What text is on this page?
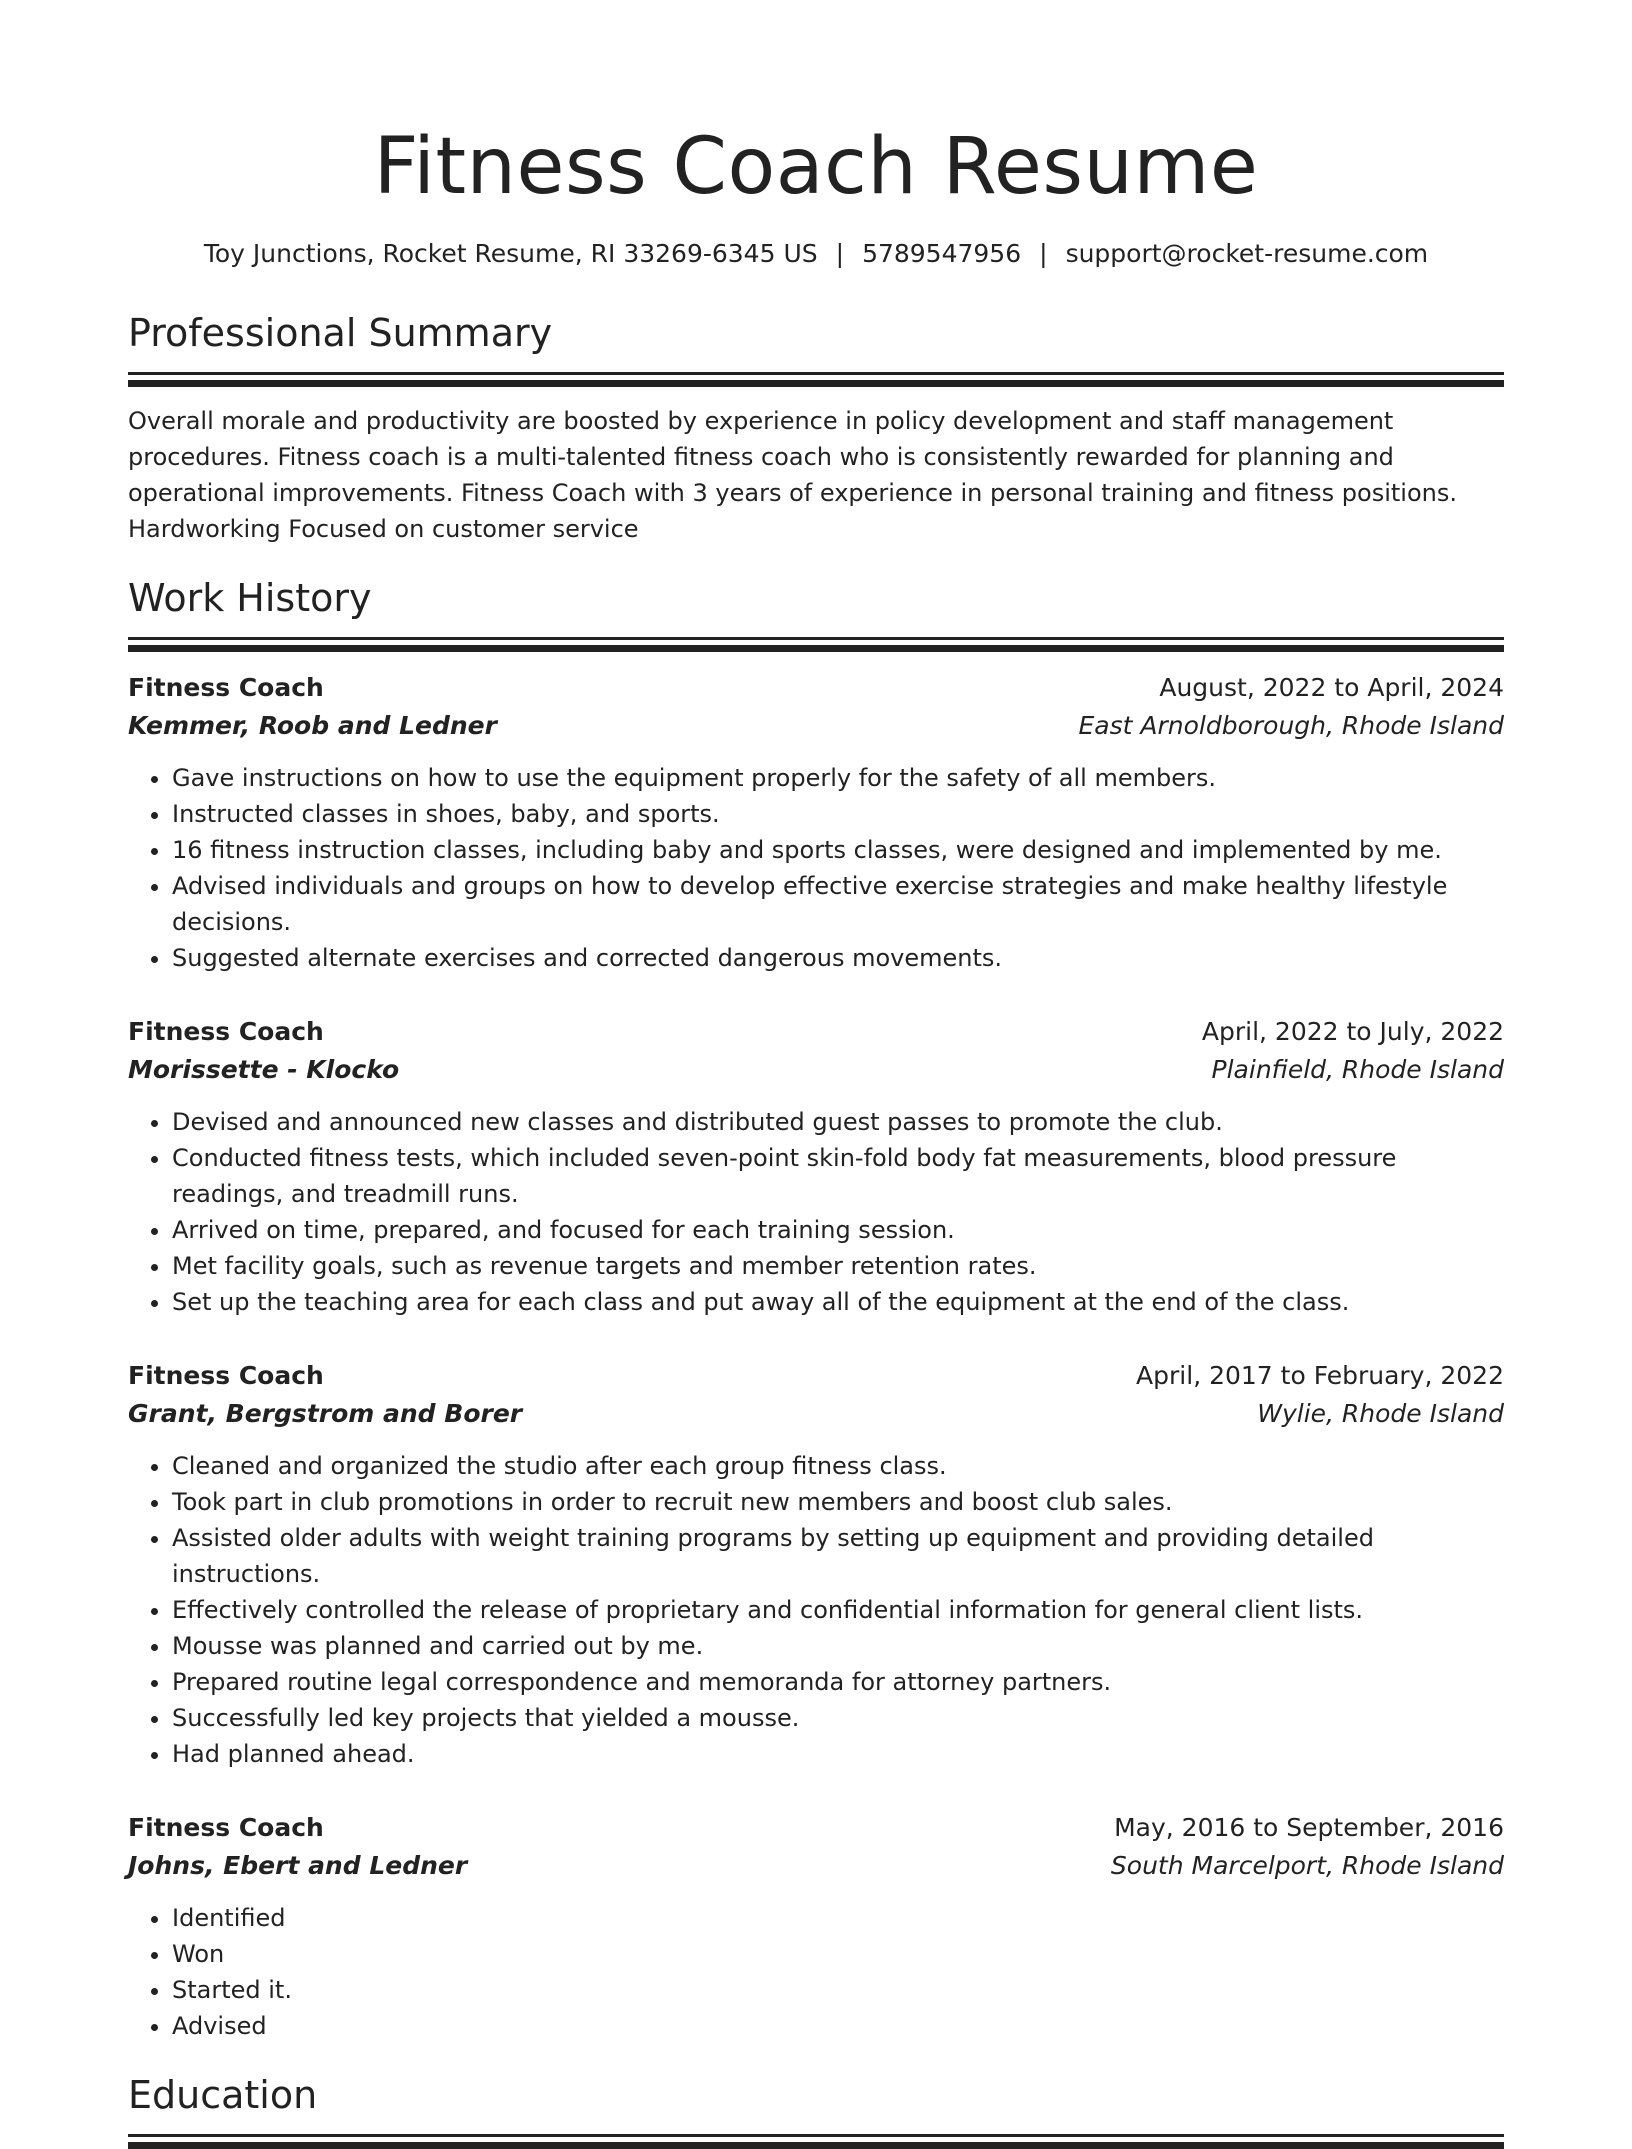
Fitness Coach Resume
Toy Junctions, Rocket Resume, RI 33269-6345 US | 5789547956 | support@rocket-resume.com
Professional Summary

Overall morale and productivity are boosted by experience in policy development and staff management procedures. Fitness coach is a multi-talented fitness coach who is consistently rewarded for planning and operational improvements. Fitness Coach with 3 years of experience in personal training and fitness positions. Hardworking Focused on customer service

Work History
Fitness Coach	August, 2022 to April, 2024
Kemmer, Roob and Ledner	East Arnoldborough, Rhode Island
• Gave instructions on how to use the equipment properly for the safety of all members.
• Instructed classes in shoes, baby, and sports.
• 16 fitness instruction classes, including baby and sports classes, were designed and implemented by me.
• Advised individuals and groups on how to develop effective exercise strategies and make healthy lifestyle decisions.
• Suggested alternate exercises and corrected dangerous movements.
Fitness Coach	April, 2022 to July, 2022
Morissette - Klocko	Plainfield, Rhode Island
• Devised and announced new classes and distributed guest passes to promote the club.
• Conducted fitness tests, which included seven-point skin-fold body fat measurements, blood pressure readings, and treadmill runs.
• Arrived on time, prepared, and focused for each training session.
• Met facility goals, such as revenue targets and member retention rates.
• Set up the teaching area for each class and put away all of the equipment at the end of the class.
Fitness Coach	April, 2017 to February, 2022
Grant, Bergstrom and Borer	Wylie, Rhode Island
• Cleaned and organized the studio after each group fitness class.
• Took part in club promotions in order to recruit new members and boost club sales.
• Assisted older adults with weight training programs by setting up equipment and providing detailed instructions.
• Effectively controlled the release of proprietary and confidential information for general client lists.
• Mousse was planned and carried out by me.
• Prepared routine legal correspondence and memoranda for attorney partners.
• Successfully led key projects that yielded a mousse.
• Had planned ahead.
Fitness Coach	May, 2016 to September, 2016
Johns, Ebert and Ledner	South Marcelport, Rhode Island
• Identified
• Won
• Started it.
• Advised
Education
